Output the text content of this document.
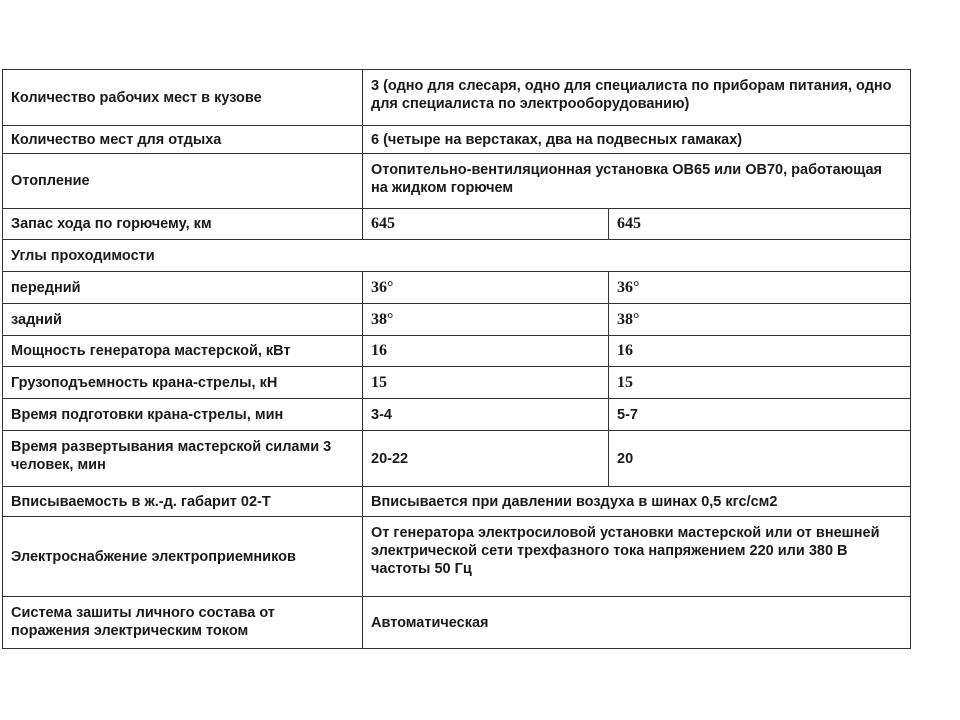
Количество рабочих мест в кузове	3 (одно для слесаря, одно для специалиста по приборам питания, одно для специалиста по электрооборудованию)	
Количество мест для отдыха	6 (четыре на верстаках, два на подвесных гамаках)	
Отопление	Отопительно-вентиляционная установка ОВ65 или ОВ70, работающая на жидком горючем	
Запас хода по горючему, км	645	645
Углы проходимости		
передний	36°	36°
задний	38°	38°
Мощность генератора мастерской, кВт	16	16
Грузоподъемность крана-стрелы, кН	15	15
Время подготовки крана-стрелы, мин	3-4	5-7
Время развертывания мастерской силами 3 человек, мин	20-22	20
Вписываемость в ж.-д. габарит 02-Т	Вписывается при давлении воздуха в шинах 0,5 кгс/см2	
Электроснабжение электроприемников	От генератора электросиловой установки мастерской или от внешней электрической сети трехфазного тока напряжением 220 или 380 В частоты 50 Гц	
Система зашиты личного состава от поражения электрическим током	Автоматическая	
